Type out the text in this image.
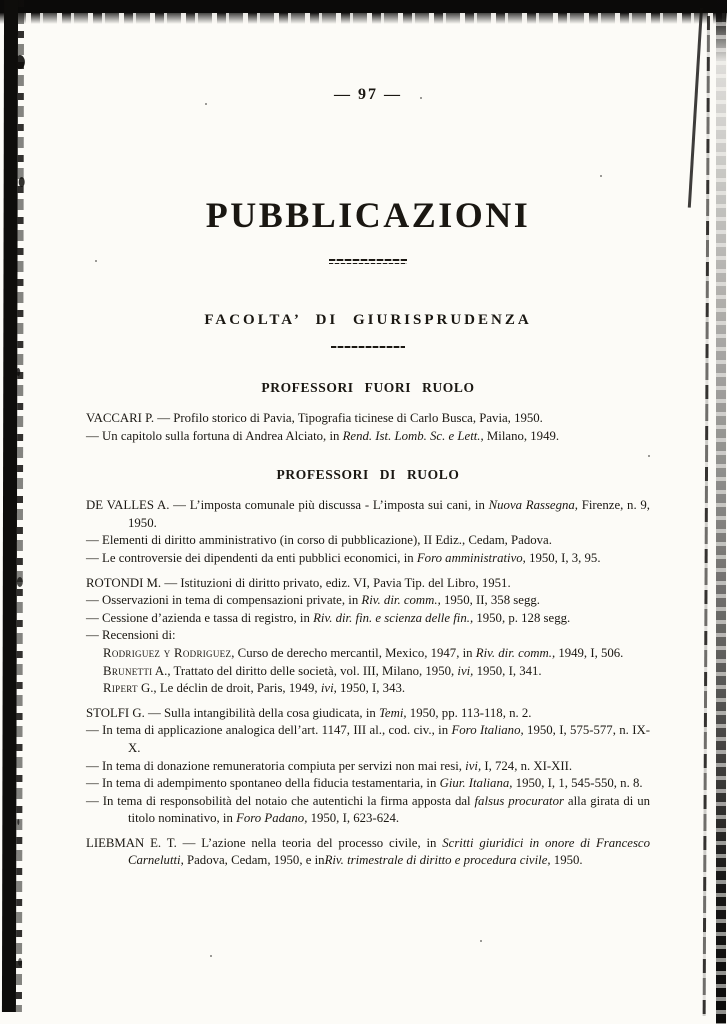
— 97 —
PUBBLICAZIONI
FACOLTA’ DI GIURISPRUDENZA
PROFESSORI FUORI RUOLO

VACCARI P. — Profilo storico di Pavia, Tipografia ticinese di Carlo Busca, Pavia, 1950.

— Un capitolo sulla fortuna di Andrea Alciato, in Rend. Ist. Lomb. Sc. e Lett., Milano, 1949.

PROFESSORI DI RUOLO

DE VALLES A. — L’imposta comunale più discussa - L’imposta sui cani, in Nuova Rassegna, Firenze, n. 9, 1950.

— Elementi di diritto amministrativo (in corso di pubblicazione), II Ediz., Cedam, Padova.

— Le controversie dei dipendenti da enti pubblici economici, in Foro amministrativo, 1950, I, 3, 95.

ROTONDI M. — Istituzioni di diritto privato, ediz. VI, Pavia Tip. del Libro, 1951.

— Osservazioni in tema di compensazioni private, in Riv. dir. comm., 1950, II, 358 segg.

— Cessione d’azienda e tassa di registro, in Riv. dir. fin. e scienza delle fin., 1950, p. 128 segg.

— Recensioni di:

Rodriguez y Rodriguez, Curso de derecho mercantil, Mexico, 1947, in Riv. dir. comm., 1949, I, 506.

Brunetti A., Trattato del diritto delle società, vol. III, Milano, 1950, ivi, 1950, I, 341.

Ripert G., Le déclin de droit, Paris, 1949, ivi, 1950, I, 343.

STOLFI G. — Sulla intangibilità della cosa giudicata, in Temi, 1950, pp. 113-118, n. 2.

— In tema di applicazione analogica dell’art. 1147, III al., cod. civ., in Foro Italiano, 1950, I, 575-577, n. IX-X.

— In tema di donazione remuneratoria compiuta per servizi non mai resi, ivi, I, 724, n. XI-XII.

— In tema di adempimento spontaneo della fiducia testamentaria, in Giur. Italiana, 1950, I, 1, 545-550, n. 8.

— In tema di responsobilità del notaio che autentichi la firma apposta dal falsus procurator alla girata di un titolo nominativo, in Foro Padano, 1950, I, 623-624.

LIEBMAN E. T. — L’azione nella teoria del processo civile, in Scritti giuridici in onore di Francesco Carnelutti, Padova, Cedam, 1950, e inRiv. trimestrale di diritto e procedura civile, 1950.
